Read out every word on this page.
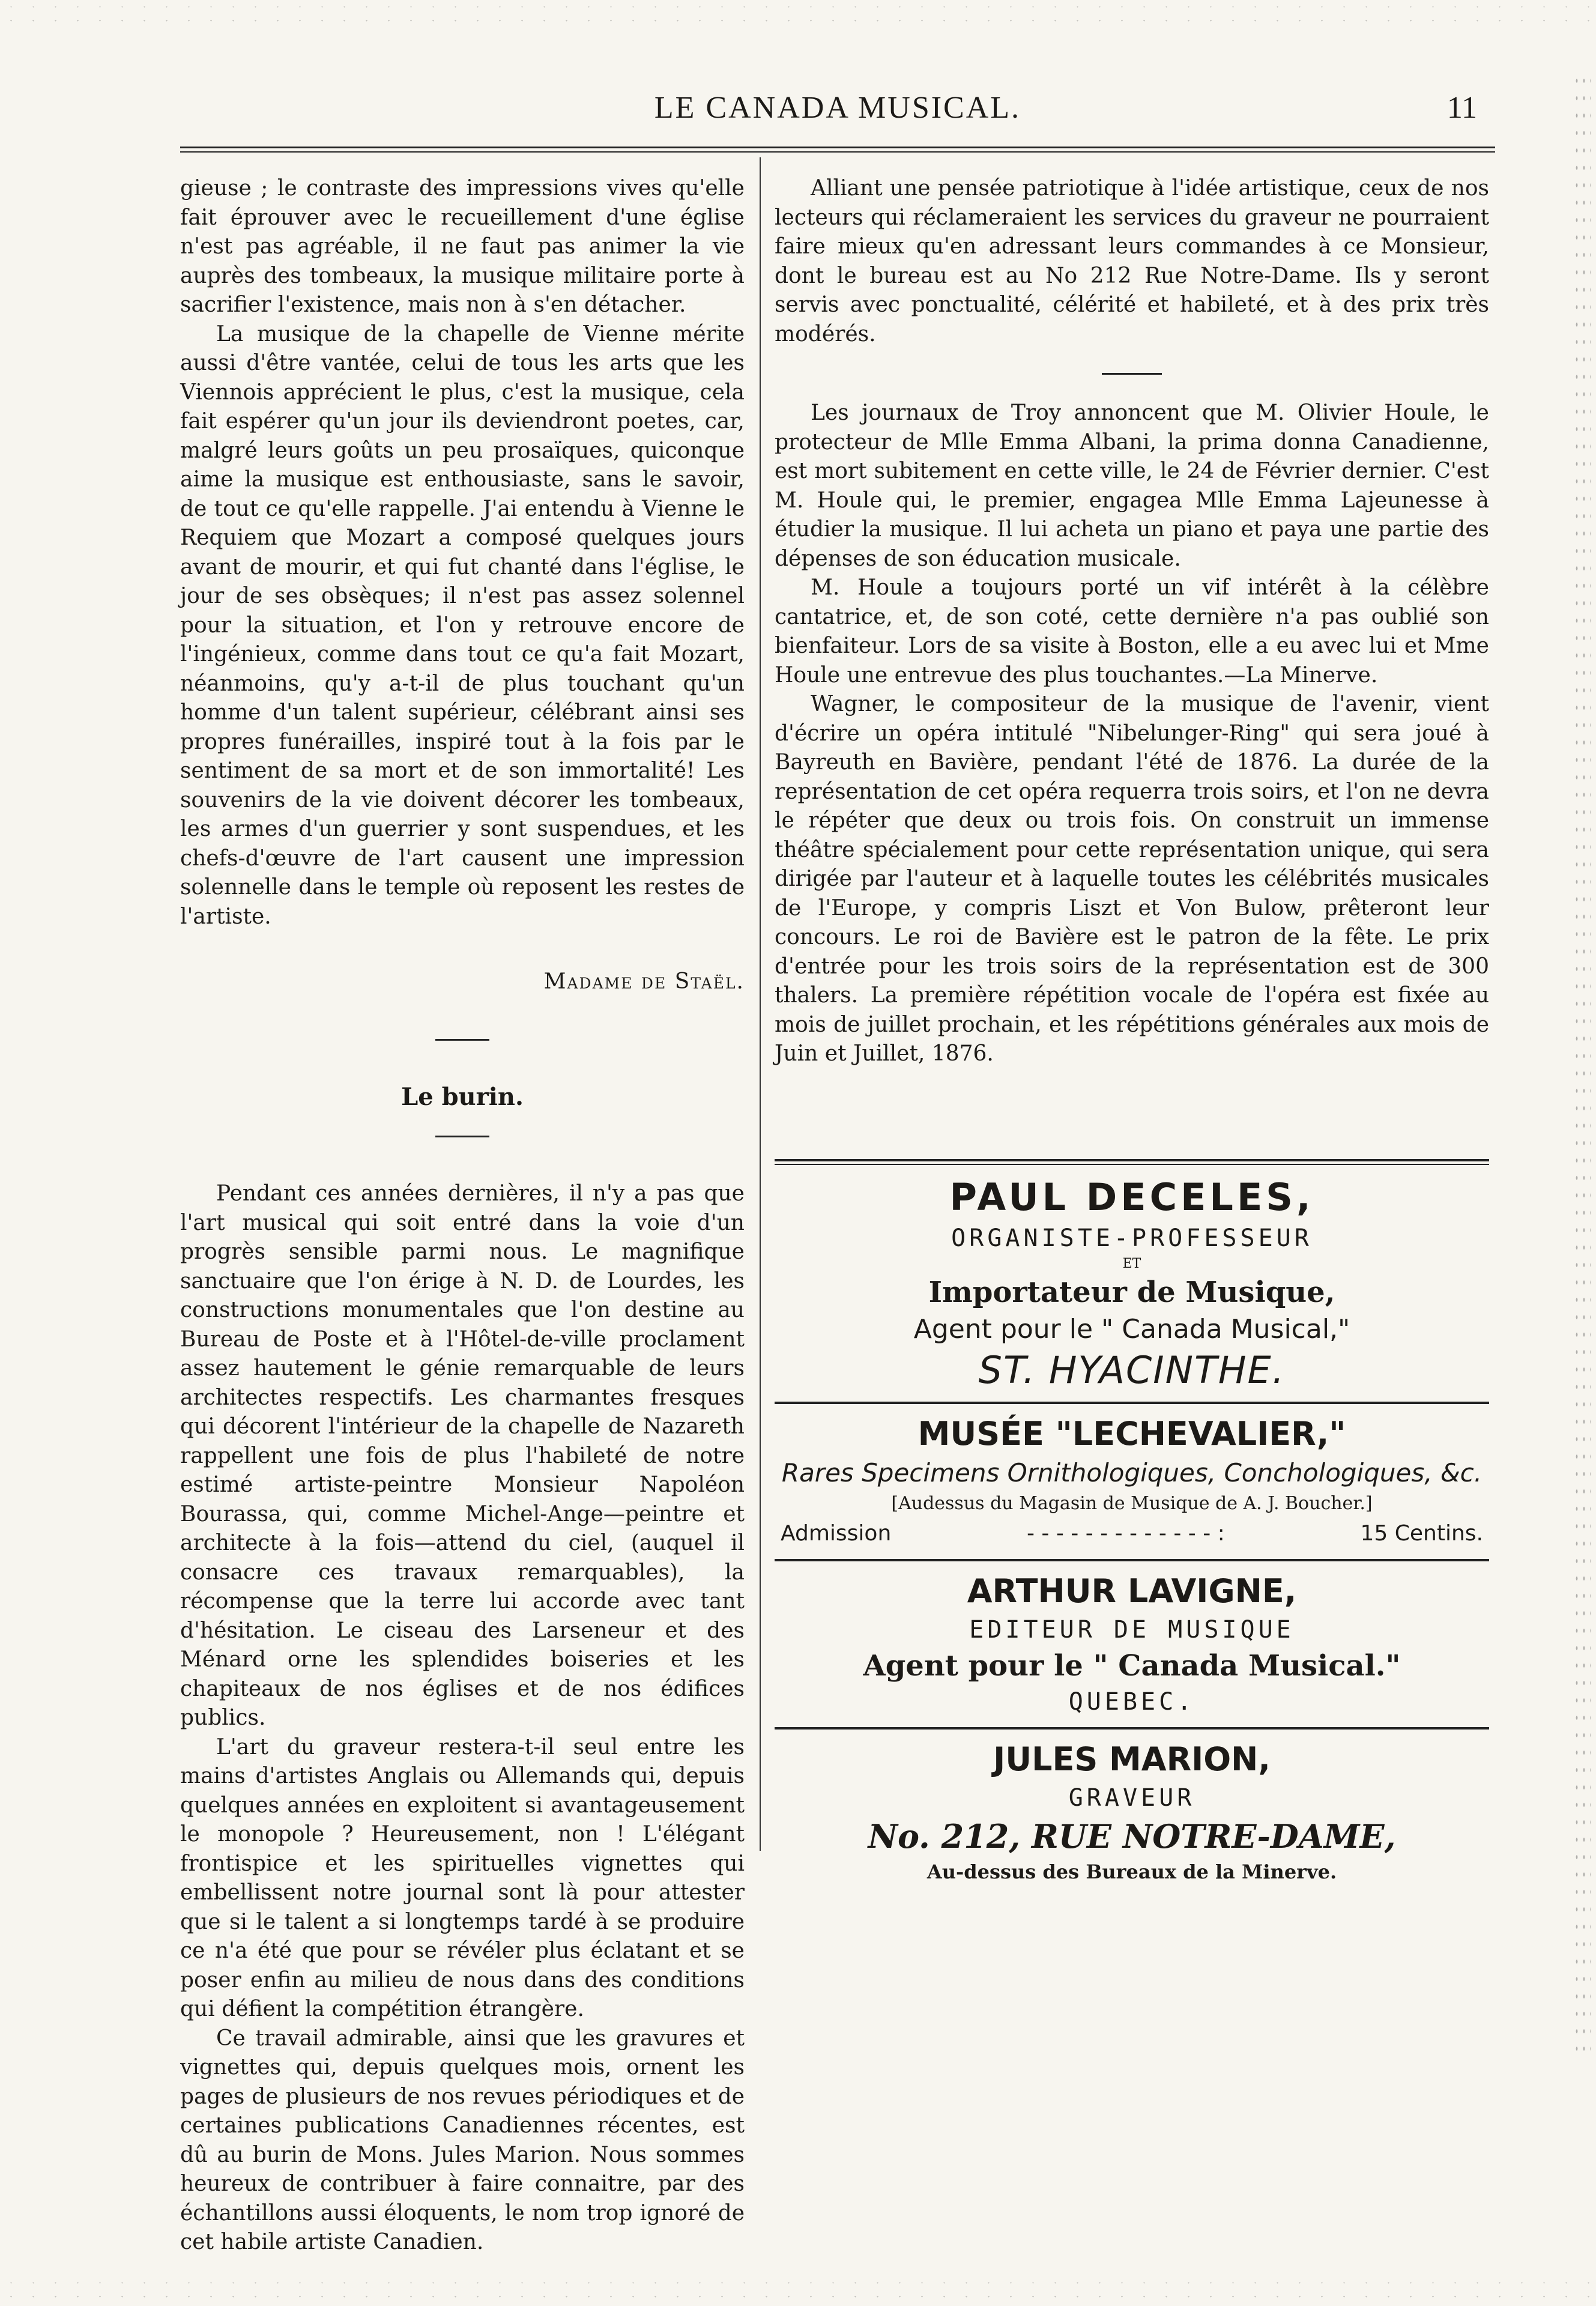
LE CANADA MUSICAL.	11

gieuse ; le contraste des impressions vives qu'elle fait éprouver avec le recueillement d'une église n'est pas agréable, il ne faut pas animer la vie auprès des tombeaux, la musique militaire porte à sacrifier l'existence, mais non à s'en détacher.

La musique de la chapelle de Vienne mérite aussi d'être vantée, celui de tous les arts que les Viennois apprécient le plus, c'est la musique, cela fait espérer qu'un jour ils deviendront poetes, car, malgré leurs goûts un peu prosaïques, quiconque aime la musique est enthousiaste, sans le savoir, de tout ce qu'elle rappelle. J'ai entendu à Vienne le Requiem que Mozart a composé quelques jours avant de mourir, et qui fut chanté dans l'église, le jour de ses obsèques; il n'est pas assez solennel pour la situation, et l'on y retrouve encore de l'ingénieux, comme dans tout ce qu'a fait Mozart, néanmoins, qu'y a-t-il de plus touchant qu'un homme d'un talent supérieur, célébrant ainsi ses propres funérailles, inspiré tout à la fois par le sentiment de sa mort et de son immortalité! Les souvenirs de la vie doivent décorer les tombeaux, les armes d'un guerrier y sont suspendues, et les chefs-d'œuvre de l'art causent une impression solennelle dans le temple où reposent les restes de l'artiste.

Madame de Staël.

Le burin.

Pendant ces années dernières, il n'y a pas que l'art musical qui soit entré dans la voie d'un progrès sensible parmi nous. Le magnifique sanctuaire que l'on érige à N. D. de Lourdes, les constructions monumentales que l'on destine au Bureau de Poste et à l'Hôtel-de-ville proclament assez hautement le génie remarquable de leurs architectes respectifs. Les charmantes fresques qui décorent l'intérieur de la chapelle de Nazareth rappellent une fois de plus l'habileté de notre estimé artiste-peintre Monsieur Napoléon Bourassa, qui, comme Michel-Ange—peintre et architecte à la fois—attend du ciel, (auquel il consacre ces travaux remarquables), la récompense que la terre lui accorde avec tant d'hésitation. Le ciseau des Larseneur et des Ménard orne les splendides boiseries et les chapiteaux de nos églises et de nos édifices publics.

L'art du graveur restera-t-il seul entre les mains d'artistes Anglais ou Allemands qui, depuis quelques années en exploitent si avantageusement le monopole ? Heureusement, non ! L'élégant frontispice et les spirituelles vignettes qui embellissent notre journal sont là pour attester que si le talent a si longtemps tardé à se produire ce n'a été que pour se révéler plus éclatant et se poser enfin au milieu de nous dans des conditions qui défient la compétition étrangère.

Ce travail admirable, ainsi que les gravures et vignettes qui, depuis quelques mois, ornent les pages de plusieurs de nos revues périodiques et de certaines publications Canadiennes récentes, est dû au burin de Mons. Jules Marion. Nous sommes heureux de contribuer à faire connaitre, par des échantillons aussi éloquents, le nom trop ignoré de cet habile artiste Canadien.

Alliant une pensée patriotique à l'idée artistique, ceux de nos lecteurs qui réclameraient les services du graveur ne pourraient faire mieux qu'en adressant leurs commandes à ce Monsieur, dont le bureau est au No 212 Rue Notre-Dame. Ils y seront servis avec ponctualité, célérité et habileté, et à des prix très modérés.

Les journaux de Troy annoncent que M. Olivier Houle, le protecteur de Mlle Emma Albani, la prima donna Canadienne, est mort subitement en cette ville, le 24 de Février dernier. C'est M. Houle qui, le premier, engagea Mlle Emma Lajeunesse à étudier la musique. Il lui acheta un piano et paya une partie des dépenses de son éducation musicale.

M. Houle a toujours porté un vif intérêt à la célèbre cantatrice, et, de son coté, cette dernière n'a pas oublié son bienfaiteur. Lors de sa visite à Boston, elle a eu avec lui et Mme Houle une entrevue des plus touchantes.—La Minerve.

Wagner, le compositeur de la musique de l'avenir, vient d'écrire un opéra intitulé "Nibelunger-Ring" qui sera joué à Bayreuth en Bavière, pendant l'été de 1876. La durée de la représentation de cet opéra requerra trois soirs, et l'on ne devra le répéter que deux ou trois fois. On construit un immense théâtre spécialement pour cette représentation unique, qui sera dirigée par l'auteur et à laquelle toutes les célébrités musicales de l'Europe, y compris Liszt et Von Bulow, prêteront leur concours. Le roi de Bavière est le patron de la fête. Le prix d'entrée pour les trois soirs de la représentation est de 300 thalers. La première répétition vocale de l'opéra est fixée au mois de juillet prochain, et les répétitions générales aux mois de Juin et Juillet, 1876.

PAUL DECELES,
ORGANISTE-PROFESSEUR
ET
Importateur de Musique,
Agent pour le " Canada Musical,"
ST. HYACINTHE.
MUSÉE "LECHEVALIER,"
Rares Specimens Ornithologiques, Conchologiques, &c.
[Audessus du Magasin de Musique de A. J. Boucher.]
Admission	- - - - - - - - - - - - - :	15 Centins.
ARTHUR LAVIGNE,
EDITEUR DE MUSIQUE
Agent pour le " Canada Musical."
QUEBEC.
JULES MARION,
GRAVEUR
No. 212, RUE NOTRE-DAME,
Au-dessus des Bureaux de la Minerve.
